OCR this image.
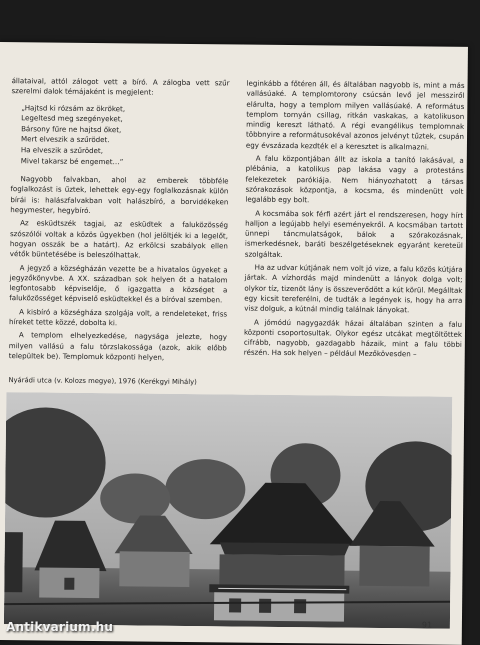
állataival, attól zálogot vett a bíró. A zálogba vett szűr szerelmi dalok témájaként is megjelent:

„Hajtsd ki rózsám az ökröket,
Legeltesd meg szegényeket,
Bársony fűre ne hajtsd őket,
Mert elveszik a szűrödet.
Ha elveszik a szűrödet,
Mivel takarsz bé engemet…”

Nagyobb falvakban, ahol az emberek többféle foglalkozást is űztek, lehettek egy-egy foglalkozásnak külön bírái is: halászfalvakban volt halászbíró, a borvidékeken hegymester, hegybíró.

Az esküdtszék tagjai, az esküdtek a faluközösség szószólói voltak a közös ügyekben (hol jelöltjék ki a legelőt, hogyan osszák be a határt). Az erkölcsi szabályok ellen vétők büntetésébe is beleszólhattak.

A jegyző a községházán vezette be a hivatalos ügyeket a jegyzőkönyvbe. A XX. században sok helyen őt a hatalom legfontosabb képviselője, ő igazgatta a községet a faluközösséget képviselő esküdtekkel és a bíróval szemben.

A kisbíró a községháza szolgája volt, a rendeleteket, friss híreket tette közzé, dobolta ki.

A templom elhelyezkedése, nagysága jelezte, hogy milyen vallású a falu törzslakossága (azok, akik előbb települtek be). Templomuk központi helyen,

leginkább a főtéren áll, és általában nagyobb is, mint a más vallásúaké. A templomtorony csúcsán levő jel messziről elárulta, hogy a templom milyen vallásúaké. A református templom tornyán csillag, ritkán vaskakas, a katolikuson mindig kereszt látható. A régi evangélikus templomnak többnyire a reformátusokéval azonos jelvényt tűztek, csupán egy évszázada kezdték el a keresztet is alkalmazni.

A falu központjában állt az iskola a tanító lakásával, a plébánia, a katolikus pap lakása vagy a protestáns felekezetek parókiája. Nem hiányozhatott a társas szórakozások központja, a kocsma, és mindenütt volt legalább egy bolt.

A kocsmába sok férfi azért járt el rendszeresen, hogy hírt halljon a legújabb helyi eseményekről. A kocsmában tartott ünnepi táncmulatságok, bálok a szórakozásnak, ismerkedésnek, baráti beszélgetéseknek egyaránt kereteül szolgáltak.

Ha az udvar kútjának nem volt jó vize, a falu közös kútjára jártak. A vízhordás majd mindenütt a lányok dolga volt; olykor tíz, tizenöt lány is összeverődött a kút körül. Megálltak egy kicsit tereferélni, de tudták a legények is, hogy ha arra visz dolguk, a kútnál mindig találnak lányokat.

A jómódú nagygazdák házai általában szinten a falu központi csoportosultak. Olykor egész utcákat megtöltöttek cifrább, nagyobb, gazdagabb házaik, mint a falu többi részén. Ha sok helyen – például Mezőkövesden –

Nyárádi utca (v. Kolozs megye), 1976 (Kerékgyi Mihály)
91
Antikvarium.hu
